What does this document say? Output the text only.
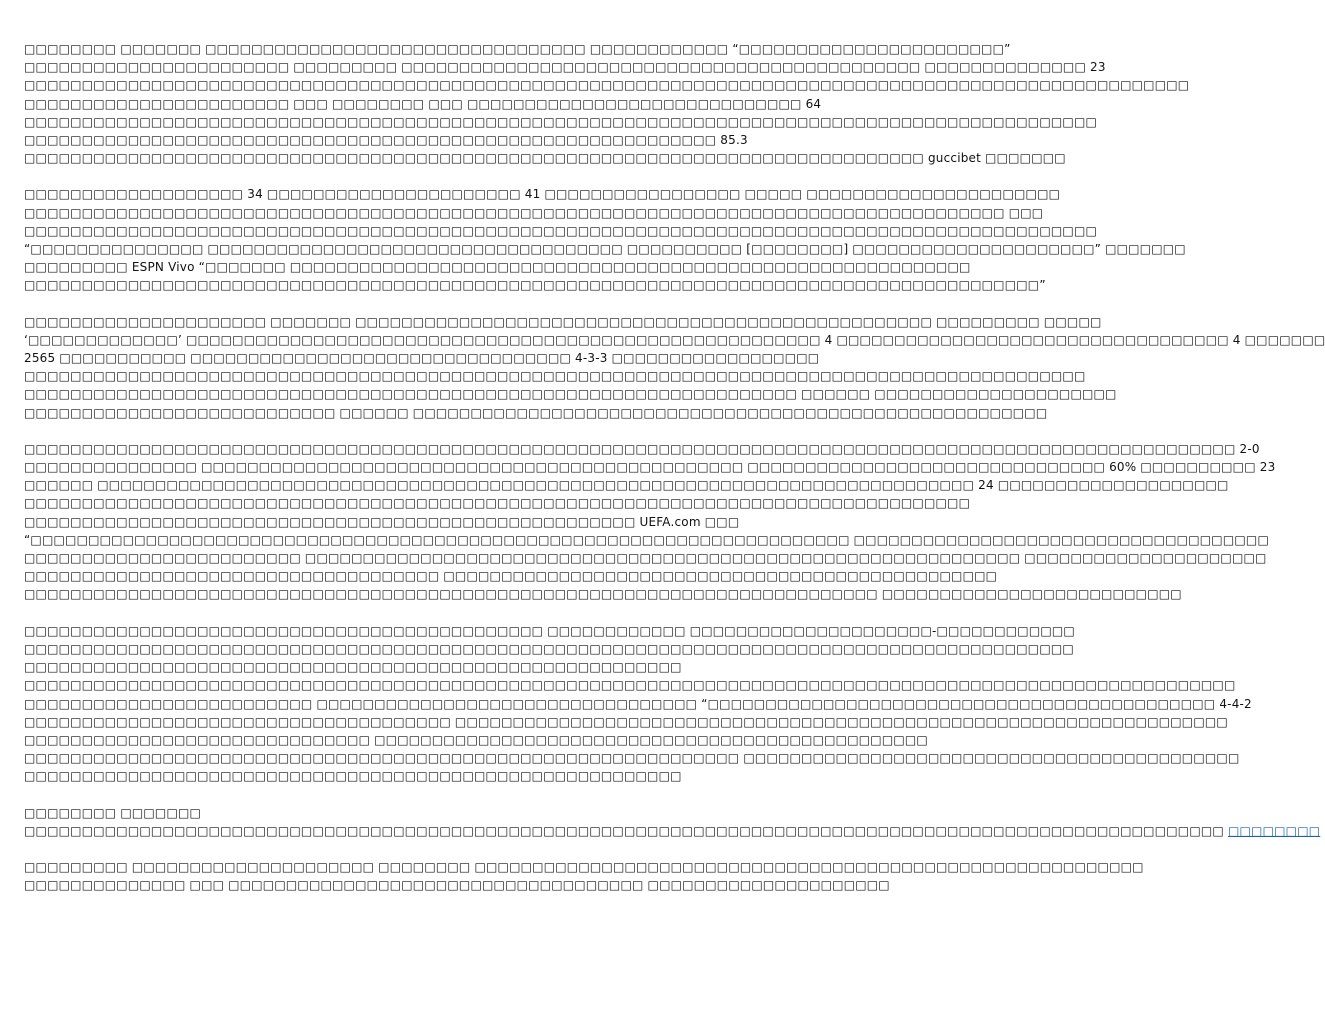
□□□□□□□□ □□□□□□□ □□□□□□□□□□□□□□□□□□□□□□□□□□□□□□□□□ □□□□□□□□□□□□ “□□□□□□□□□□□□□□□□□□□□□□□”
□□□□□□□□□□□□□□□□□□□□□□□ □□□□□□□□□ □□□□□□□□□□□□□□□□□□□□□□□□□□□□□□□□□□□□□□□□□□□□□ □□□□□□□□□□□□□□ 23
□□□□□□□□□□□□□□□□□□□□□□□□□□□□□□□□□□□□□□□□□□□□□□□□□□□□□□□□□□□□□□□□□□□□□□□□□□□□□□□□□□□□□□□□□□□□□□□□□□□□□
□□□□□□□□□□□□□□□□□□□□□□□ □□□ □□□□□□□□ □□□ □□□□□□□□□□□□□□□□□□□□□□□□□□□□□ 64
□□□□□□□□□□□□□□□□□□□□□□□□□□□□□□□□□□□□□□□□□□□□□□□□□□□□□□□□□□□□□□□□□□□□□□□□□□□□□□□□□□□□□□□□□□□□□
□□□□□□□□□□□□□□□□□□□□□□□□□□□□□□□□□□□□□□□□□□□□□□□□□□□□□□□□□□□□ 85.3
□□□□□□□□□□□□□□□□□□□□□□□□□□□□□□□□□□□□□□□□□□□□□□□□□□□□□□□□□□□□□□□□□□□□□□□□□□□□□□ guccibet □□□□□□□
□□□□□□□□□□□□□□□□□□□ 34 □□□□□□□□□□□□□□□□□□□□□□ 41 □□□□□□□□□□□□□□□□□ □□□□□ □□□□□□□□□□□□□□□□□□□□□□
□□□□□□□□□□□□□□□□□□□□□□□□□□□□□□□□□□□□□□□□□□□□□□□□□□□□□□□□□□□□□□□□□□□□□□□□□□□□□□□□□□□□□ □□□
□□□□□□□□□□□□□□□□□□□□□□□□□□□□□□□□□□□□□□□□□□□□□□□□□□□□□□□□□□□□□□□□□□□□□□□□□□□□□□□□□□□□□□□□□□□□□
“□□□□□□□□□□□□□□□ □□□□□□□□□□□□□□□□□□□□□□□□□□□□□□□□□□□□ □□□□□□□□□□ [□□□□□□□□] □□□□□□□□□□□□□□□□□□□□□” □□□□□□□
□□□□□□□□□ ESPN Vivo “□□□□□□□ □□□□□□□□□□□□□□□□□□□□□□□□□□□□□□□□□□□□□□□□□□□□□□□□□□□□□□□□□□□
□□□□□□□□□□□□□□□□□□□□□□□□□□□□□□□□□□□□□□□□□□□□□□□□□□□□□□□□□□□□□□□□□□□□□□□□□□□□□□□□□□□□□□□□”
□□□□□□□□□□□□□□□□□□□□□ □□□□□□□ □□□□□□□□□□□□□□□□□□□□□□□□□□□□□□□□□□□□□□□□□□□□□□□□□□ □□□□□□□□□ □□□□□
‘□□□□□□□□□□□□□’ □□□□□□□□□□□□□□□□□□□□□□□□□□□□□□□□□□□□□□□□□□□□□□□□□□□□□□□ 4 □□□□□□□□□□□□□□□□□□□□□□□□□□□□□□□□□□ 4 □□□□□□□
2565 □□□□□□□□□□□ □□□□□□□□□□□□□□□□□□□□□□□□□□□□□□□□□ 4-3-3 □□□□□□□□□□□□□□□□□□
□□□□□□□□□□□□□□□□□□□□□□□□□□□□□□□□□□□□□□□□□□□□□□□□□□□□□□□□□□□□□□□□□□□□□□□□□□□□□□□□□□□□□□□□□□□□
□□□□□□□□□□□□□□□□□□□□□□□□□□□□□□□□□□□□□□□□□□□□□□□□□□□□□□□□□□□□□□□□□□□ □□□□□□ □□□□□□□□□□□□□□□□□□□□□
□□□□□□□□□□□□□□□□□□□□□□□□□□□ □□□□□□ □□□□□□□□□□□□□□□□□□□□□□□□□□□□□□□□□□□□□□□□□□□□□□□□□□□□□□□
□□□□□□□□□□□□□□□□□□□□□□□□□□□□□□□□□□□□□□□□□□□□□□□□□□□□□□□□□□□□□□□□□□□□□□□□□□□□□□□□□□□□□□□□□□□□□□□□□□□□□□□□□ 2-0
□□□□□□□□□□□□□□□ □□□□□□□□□□□□□□□□□□□□□□□□□□□□□□□□□□□□□□□□□□□□□□□ □□□□□□□□□□□□□□□□□□□□□□□□□□□□□□□ 60% □□□□□□□□□□ 23
□□□□□□ □□□□□□□□□□□□□□□□□□□□□□□□□□□□□□□□□□□□□□□□□□□□□□□□□□□□□□□□□□□□□□□□□□□□□□□□□□□□ 24 □□□□□□□□□□□□□□□□□□□□
□□□□□□□□□□□□□□□□□□□□□□□□□□□□□□□□□□□□□□□□□□□□□□□□□□□□□□□□□□□□□□□□□□□□□□□□□□□□□□□□□□
□□□□□□□□□□□□□□□□□□□□□□□□□□□□□□□□□□□□□□□□□□□□□□□□□□□□□ UEFA.com □□□
“□□□□□□□□□□□□□□□□□□□□□□□□□□□□□□□□□□□□□□□□□□□□□□□□□□□□□□□□□□□□□□□□□□□□□□□ □□□□□□□□□□□□□□□□□□□□□□□□□□□□□□□□□□□□
□□□□□□□□□□□□□□□□□□□□□□□□ □□□□□□□□□□□□□□□□□□□□□□□□□□□□□□□□□□□□□□□□□□□□□□□□□□□□□□□□□□□□□□ □□□□□□□□□□□□□□□□□□□□□
□□□□□□□□□□□□□□□□□□□□□□□□□□□□□□□□□□□□ □□□□□□□□□□□□□□□□□□□□□□□□□□□□□□□□□□□□□□□□□□□□□□□□
□□□□□□□□□□□□□□□□□□□□□□□□□□□□□□□□□□□□□□□□□□□□□□□□□□□□□□□□□□□□□□□□□□□□□□□□□□ □□□□□□□□□□□□□□□□□□□□□□□□□□
□□□□□□□□□□□□□□□□□□□□□□□□□□□□□□□□□□□□□□□□□□□□□ □□□□□□□□□□□□ □□□□□□□□□□□□□□□□□□□□□-□□□□□□□□□□□□
□□□□□□□□□□□□□□□□□□□□□□□□□□□□□□□□□□□□□□□□□□□□□□□□□□□□□□□□□□□□□□□□□□□□□□□□□□□□□□□□□□□□□□□□□□□
□□□□□□□□□□□□□□□□□□□□□□□□□□□□□□□□□□□□□□□□□□□□□□□□□□□□□□□□□
□□□□□□□□□□□□□□□□□□□□□□□□□□□□□□□□□□□□□□□□□□□□□□□□□□□□□□□□□□□□□□□□□□□□□□□□□□□□□□□□□□□□□□□□□□□□□□□□□□□□□□□□□
□□□□□□□□□□□□□□□□□□□□□□□□□ □□□□□□□□□□□□□□□□□□□□□□□□□□□□□□□□□ “□□□□□□□□□□□□□□□□□□□□□□□□□□□□□□□□□□□□□□□□□□□□ 4-4-2
□□□□□□□□□□□□□□□□□□□□□□□□□□□□□□□□□□□□□ □□□□□□□□□□□□□□□□□□□□□□□□□□□□□□□□□□□□□□□□□□□□□□□□□□□□□□□□□□□□□□□□□□□
□□□□□□□□□□□□□□□□□□□□□□□□□□□□□□ □□□□□□□□□□□□□□□□□□□□□□□□□□□□□□□□□□□□□□□□□□□□□□□□
□□□□□□□□□□□□□□□□□□□□□□□□□□□□□□□□□□□□□□□□□□□□□□□□□□□□□□□□□□□□□□ □□□□□□□□□□□□□□□□□□□□□□□□□□□□□□□□□□□□□□□□□□□
□□□□□□□□□□□□□□□□□□□□□□□□□□□□□□□□□□□□□□□□□□□□□□□□□□□□□□□□□
□□□□□□□□ □□□□□□□
□□□□□□□□□□□□□□□□□□□□□□□□□□□□□□□□□□□□□□□□□□□□□□□□□□□□□□□□□□□□□□□□□□□□□□□□□□□□□□□□□□□□□□□□□□□□□□□□□□□□□□□□ □□□□□□□□
□□□□□□□□□ □□□□□□□□□□□□□□□□□□□□□ □□□□□□□□ □□□□□□□□□□□□□□□□□□□□□□□□□□□□□□□□□□□□□□□□□□□□□□□□□□□□□□□□□□
□□□□□□□□□□□□□□ □□□ □□□□□□□□□□□□□□□□□□□□□□□□□□□□□□□□□□□□ □□□□□□□□□□□□□□□□□□□□□
